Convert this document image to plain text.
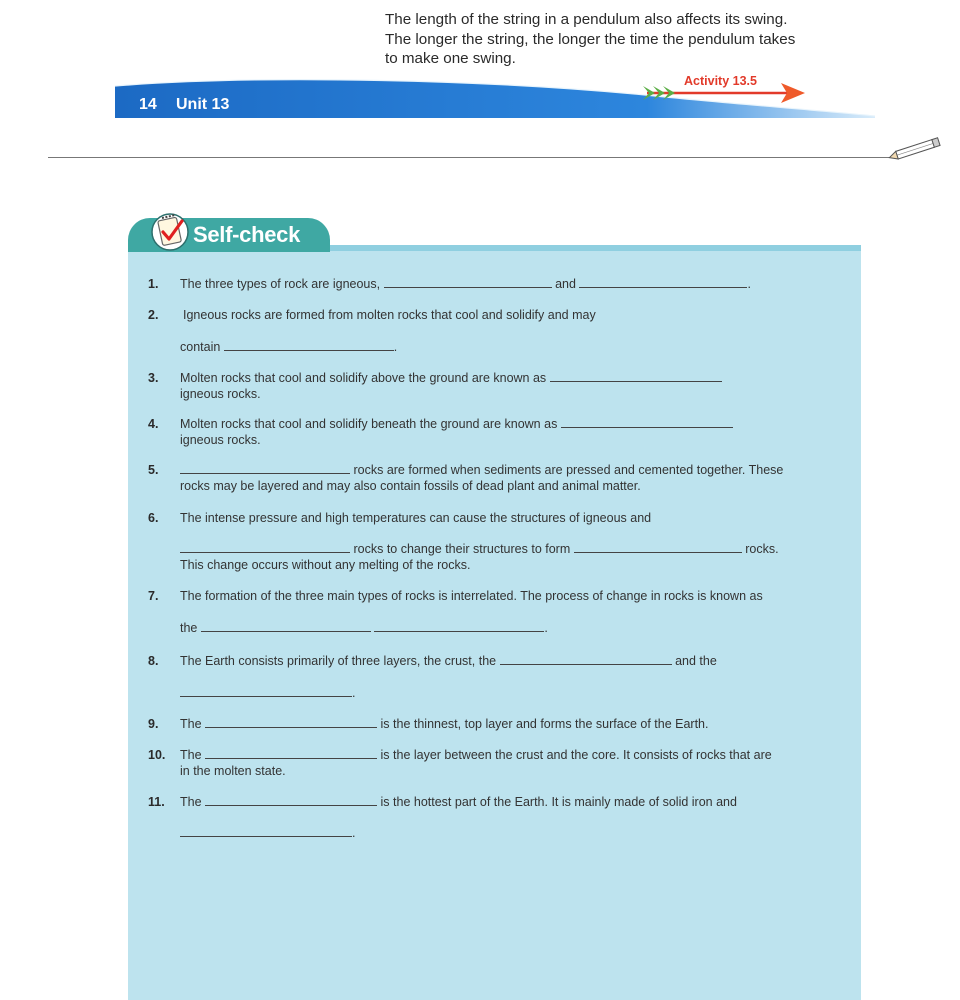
The length of the string in a pendulum also affects its swing.

The longer the string, the longer the time the pendulum takes

to make one swing.

14 Unit 13
Activity 13.5
Self-check
1. The three types of rock are igneous,	and	.
2. Igneous rocks are formed from molten rocks that cool and solidify and may
contain	.
3. Molten rocks that cool and solidify above the ground are known as
igneous rocks.
4. Molten rocks that cool and solidify beneath the ground are known as
igneous rocks.
5.	rocks are formed when sediments are pressed and cemented together. These
rocks may be layered and may also contain fossils of dead plant and animal matter.
6. The intense pressure and high temperatures can cause the structures of igneous and
rocks to change their structures to form	rocks.
This change occurs without any melting of the rocks.
7. The formation of the three main types of rocks is interrelated. The process of change in rocks is known as
the	.
8. The Earth consists primarily of three layers, the crust, the	and the
.
9. The	is the thinnest, top layer and forms the surface of the Earth.
10. The	is the layer between the crust and the core. It consists of rocks that are
in the molten state.
11. The	is the hottest part of the Earth. It is mainly made of solid iron and
.
